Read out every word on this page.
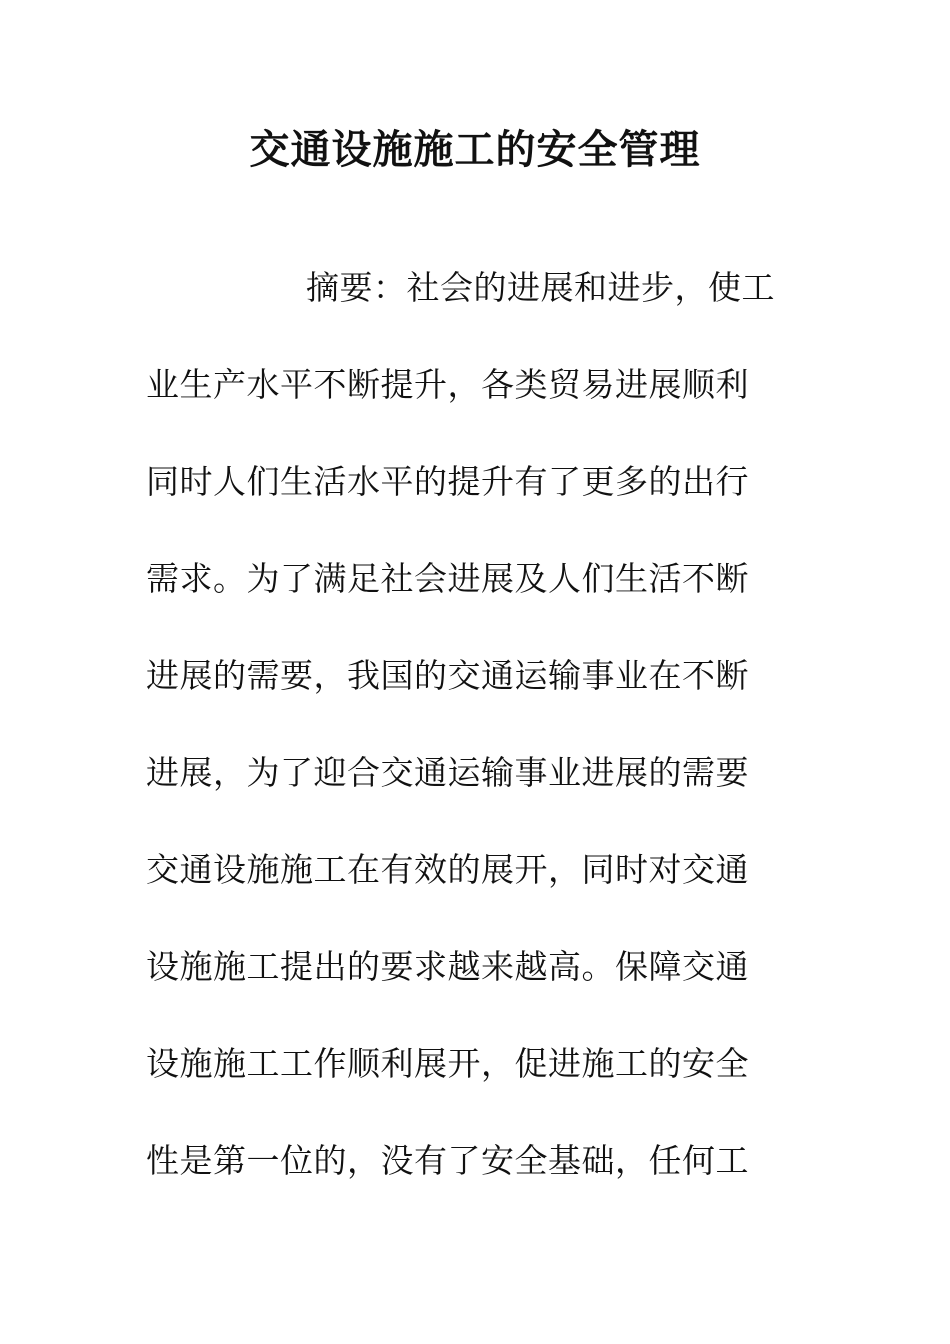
交通设施施工的安全管理
摘要：社会的进展和进步，使工
业生产水平不断提升，各类贸易进展顺利
同时人们生活水平的提升有了更多的出行
需求。为了满足社会进展及人们生活不断
进展的需要，我国的交通运输事业在不断
进展，为了迎合交通运输事业进展的需要
交通设施施工在有效的展开，同时对交通
设施施工提出的要求越来越高。保障交通
设施施工工作顺利展开，促进施工的安全
性是第一位的，没有了安全基础，任何工
